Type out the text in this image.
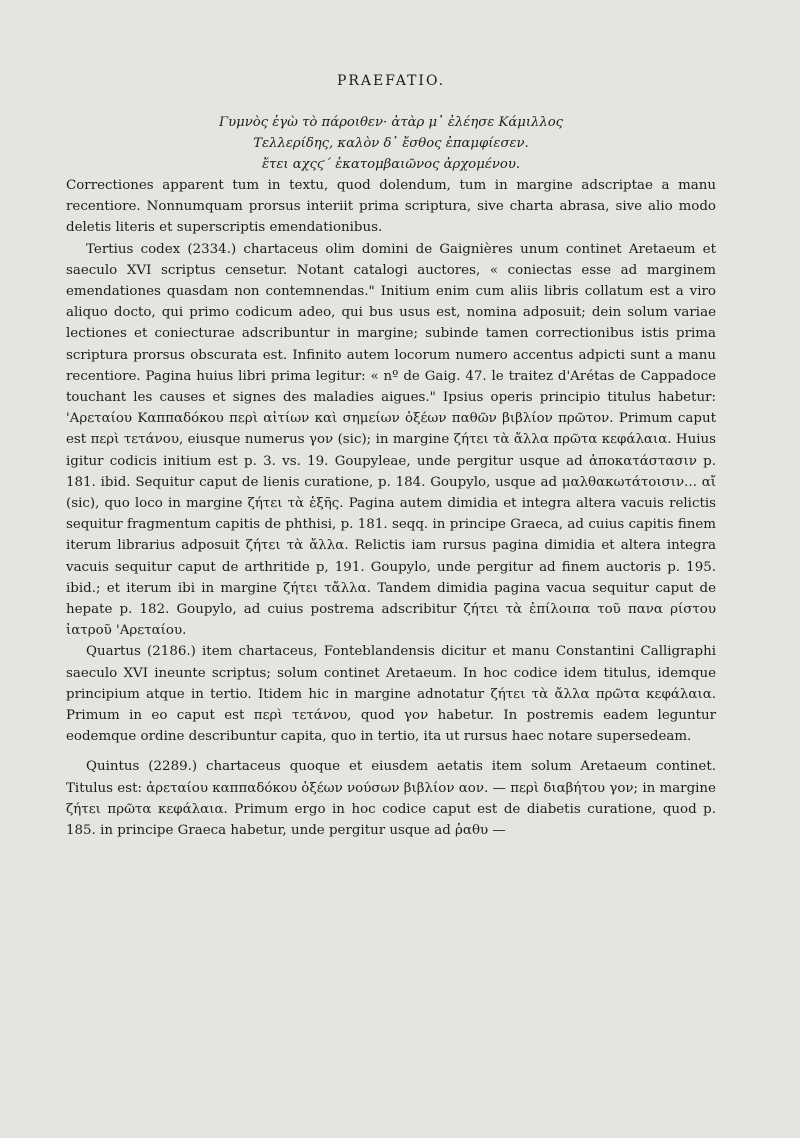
PRAEFATIO.
Γυμνὸς ἐγὼ τὸ πάροιθεν· ἀτὰρ μ᾽ ἐλέησε Κάμιλλος
Τελλερίδης, καλὸν δ᾽ ἔσθος ἐπαμφίεσεν.
ἔτει αχςϛ´ ἑκατομβαιῶνος ἀρχομένου.

Correctiones apparent tum in textu, quod dolendum, tum in margine adscriptae a manu recentiore. Nonnumquam prorsus interiit prima scriptura, sive charta abrasa, sive alio modo deletis literis et superscriptis emendationibus.

Tertius codex (2334.) chartaceus olim domini de Gaignières unum continet Aretaeum et saeculo XVI scriptus censetur. Notant catalogi auctores, « coniectas esse ad marginem emendationes quasdam non contemnendas." Initium enim cum aliis libris collatum est a viro aliquo docto, qui primo codicum adeo, qui bus usus est, nomina adposuit; dein solum variae lectiones et coniecturae adscribuntur in margine; subinde tamen correctionibus istis prima scriptura prorsus obscurata est. Infinito autem locorum numero accentus adpicti sunt a manu recentiore. Pagina huius libri prima legitur: « nº de Gaig. 47. le traitez d'Arétas de Cappadoce touchant les causes et signes des maladies aigues." Ipsius operis principio titulus habetur: 'Αρεταίου Καππαδόκου περὶ αἰτίων καὶ σημείων ὀξέων παθῶν βιβλίον πρῶτον. Primum caput est περὶ τετάνου, eiusque numerus γον (sic); in margine ζήτει τὰ ἄλλα πρῶτα κεφάλαια. Huius igitur codicis initium est p. 3. vs. 19. Goupyleae, unde pergitur usque ad ἀποκατάστασιν p. 181. ibid. Sequitur caput de lienis curatione, p. 184. Goupylo, usque ad μαλθακωτάτοισιν... αἴ (sic), quo loco in margine ζήτει τὰ ἑξῆς. Pagina autem dimidia et integra altera vacuis relictis sequitur fragmentum capitis de phthisi, p. 181. seqq. in principe Graeca, ad cuius capitis finem iterum librarius adposuit ζήτει τὰ ἄλλα. Relictis iam rursus pagina dimidia et altera integra vacuis sequitur caput de arthritide p, 191. Goupylo, unde pergitur ad finem auctoris p. 195. ibid.; et iterum ibi in margine ζήτει τἄλλα. Tandem dimidia pagina vacua sequitur caput de hepate p. 182. Goupylo, ad cuius postrema adscribitur ζήτει τὰ ἐπίλοιπα τοῦ πανα ρίστου ἰατροῦ 'Αρεταίου.

Quartus (2186.) item chartaceus, Fonteblandensis dicitur et manu Constantini Calligraphi saeculo XVI ineunte scriptus; solum continet Aretaeum. In hoc codice idem titulus, idemque principium atque in tertio. Itidem hic in margine adnotatur ζήτει τὰ ἄλλα πρῶτα κεφάλαια. Primum in eo caput est περὶ τετάνου, quod γον habetur. In postremis eadem leguntur eodemque ordine describuntur capita, quo in tertio, ita ut rursus haec notare supersedeam.

Quintus (2289.) chartaceus quoque et eiusdem aetatis item solum Aretaeum continet. Titulus est: ἀρεταίου καππαδόκου ὀξέων νούσων βιβλίον αον. — περὶ διαβήτου γον; in margine ζήτει πρῶτα κεφάλαια. Primum ergo in hoc codice caput est de diabetis curatione, quod p. 185. in principe Graeca habetur, unde pergitur usque ad ῥαθυ —
